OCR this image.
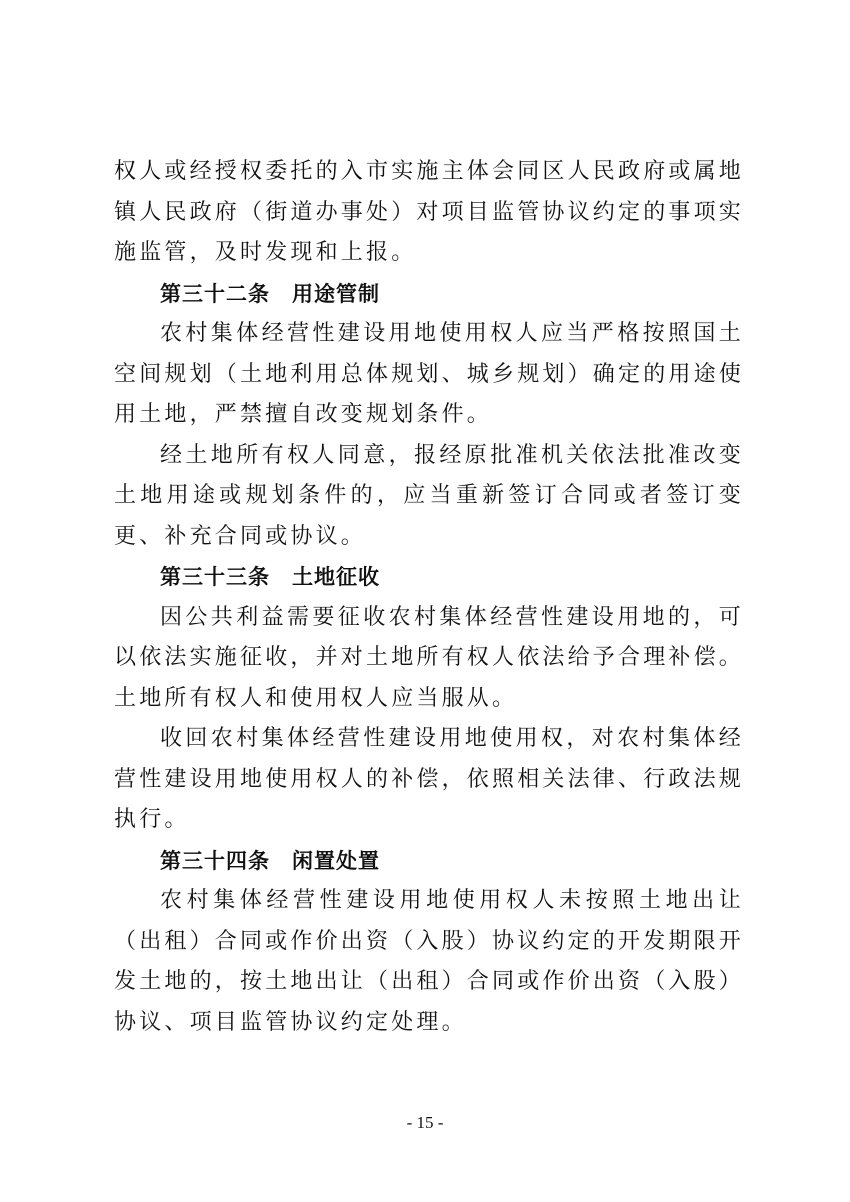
权人或经授权委托的入市实施主体会同区人民政府或属地镇人民政府（街道办事处）对项目监管协议约定的事项实施监管，及时发现和上报。

第三十二条　用途管制

农村集体经营性建设用地使用权人应当严格按照国土空间规划（土地利用总体规划、城乡规划）确定的用途使用土地，严禁擅自改变规划条件。

经土地所有权人同意，报经原批准机关依法批准改变土地用途或规划条件的，应当重新签订合同或者签订变更、补充合同或协议。

第三十三条　土地征收

因公共利益需要征收农村集体经营性建设用地的，可以依法实施征收，并对土地所有权人依法给予合理补偿。土地所有权人和使用权人应当服从。

收回农村集体经营性建设用地使用权，对农村集体经营性建设用地使用权人的补偿，依照相关法律、行政法规执行。

第三十四条　闲置处置

农村集体经营性建设用地使用权人未按照土地出让（出租）合同或作价出资（入股）协议约定的开发期限开发土地的，按土地出让（出租）合同或作价出资（入股）协议、项目监管协议约定处理。

- 15 -
